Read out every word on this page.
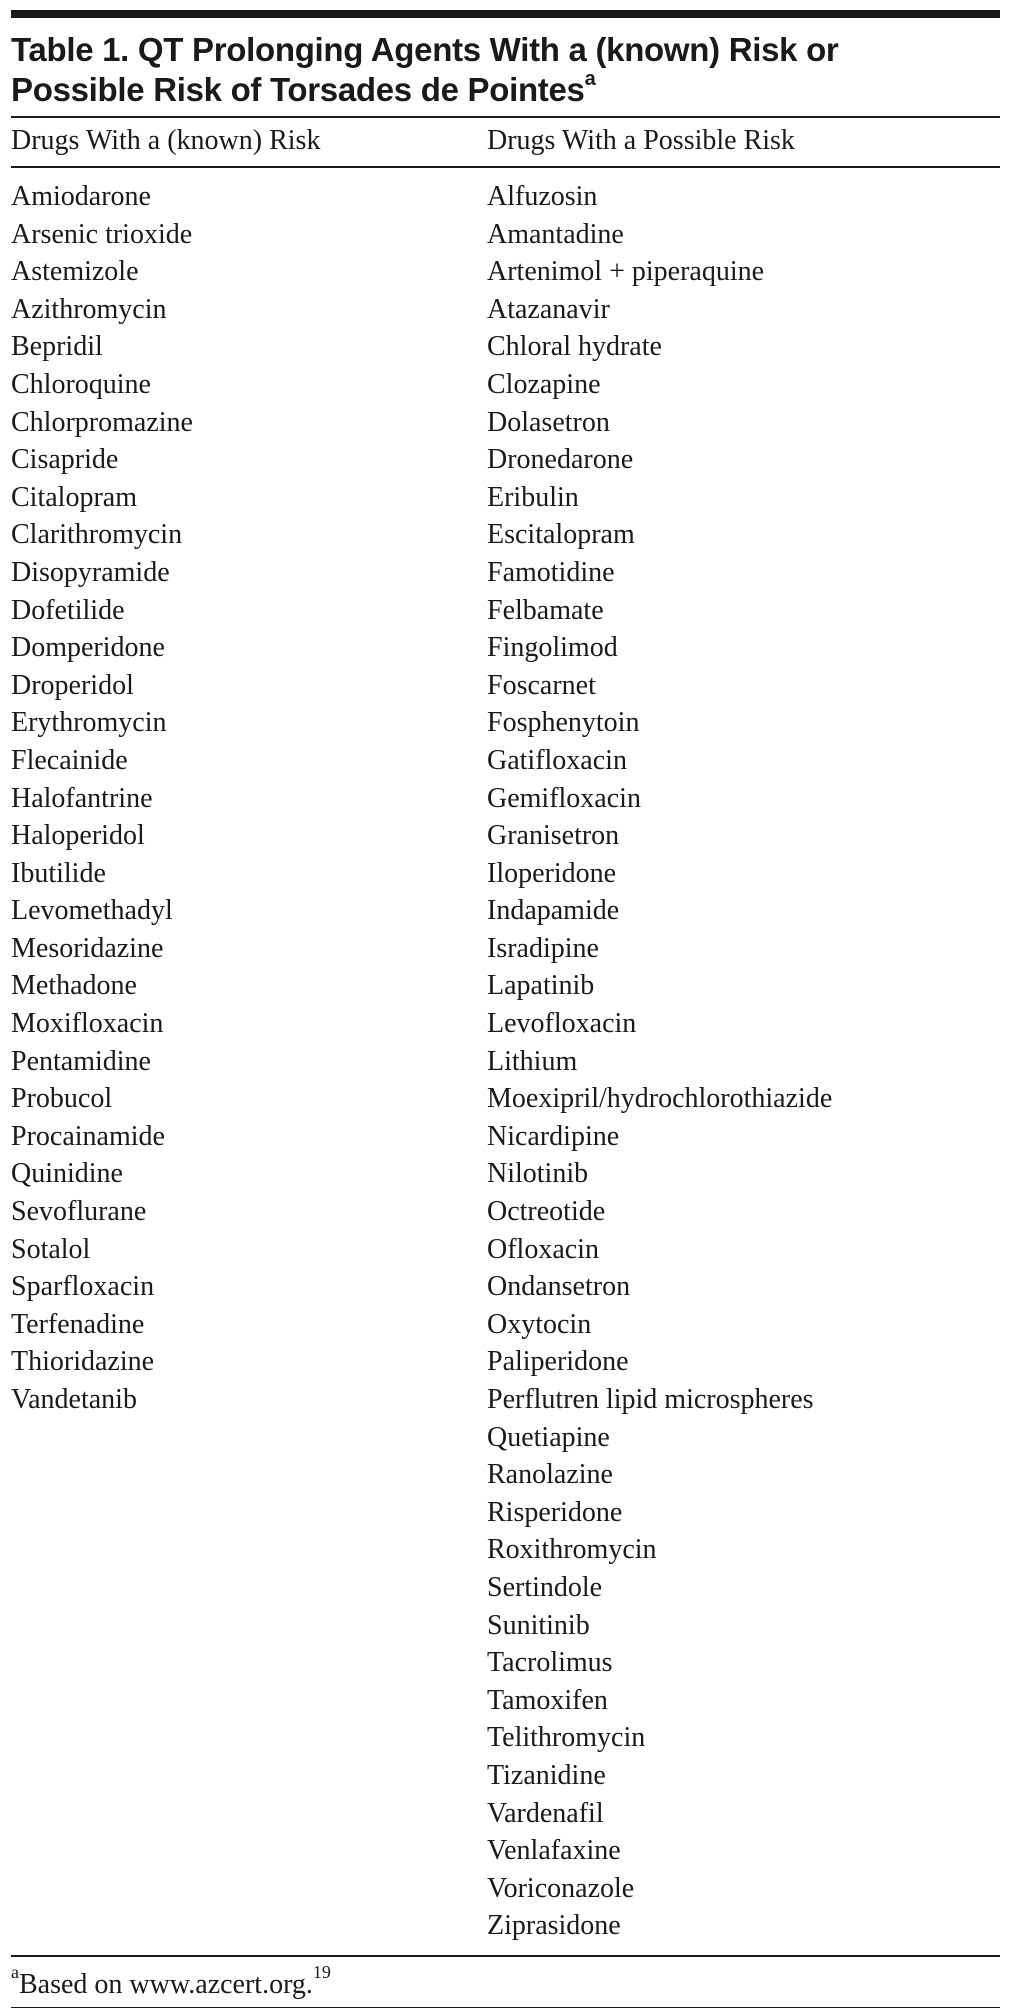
Table 1. QT Prolonging Agents With a (known) Risk or
Possible Risk of Torsades de Pointes$^a$
Drugs With a (known) Risk	Drugs With a Possible Risk
Amiodarone
Arsenic trioxide
Astemizole
Azithromycin
Bepridil
Chloroquine
Chlorpromazine
Cisapride
Citalopram
Clarithromycin
Disopyramide
Dofetilide
Domperidone
Droperidol
Erythromycin
Flecainide
Halofantrine
Haloperidol
Ibutilide
Levomethadyl
Mesoridazine
Methadone
Moxifloxacin
Pentamidine
Probucol
Procainamide
Quinidine
Sevoflurane
Sotalol
Sparfloxacin
Terfenadine
Thioridazine
Vandetanib
Alfuzosin
Amantadine
Artenimol + piperaquine
Atazanavir
Chloral hydrate
Clozapine
Dolasetron
Dronedarone
Eribulin
Escitalopram
Famotidine
Felbamate
Fingolimod
Foscarnet
Fosphenytoin
Gatifloxacin
Gemifloxacin
Granisetron
Iloperidone
Indapamide
Isradipine
Lapatinib
Levofloxacin
Lithium
Moexipril/hydrochlorothiazide
Nicardipine
Nilotinib
Octreotide
Ofloxacin
Ondansetron
Oxytocin
Paliperidone
Perflutren lipid microspheres
Quetiapine
Ranolazine
Risperidone
Roxithromycin
Sertindole
Sunitinib
Tacrolimus
Tamoxifen
Telithromycin
Tizanidine
Vardenafil
Venlafaxine
Voriconazole
Ziprasidone
$^a$Based on www.azcert.org.$^{19}$
